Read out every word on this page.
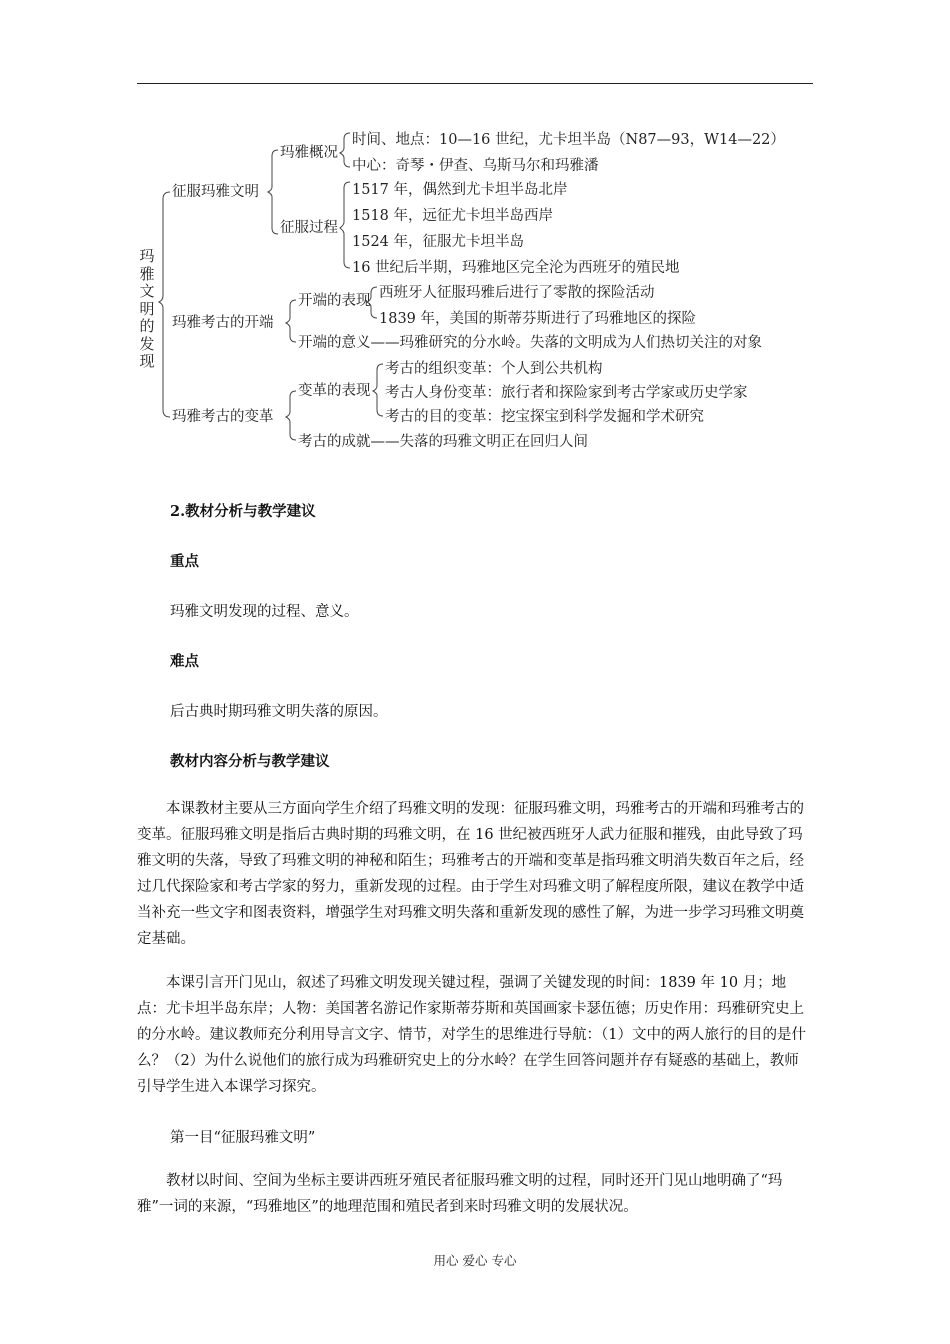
玛
雅
文
明
的
发
现
征服玛雅文明
玛雅概况
时间、地点：10—16 世纪，尤卡坦半岛（N87—93，W14—22）
中心：奇琴・伊查、乌斯马尔和玛雅潘
征服过程
1517 年，偶然到尤卡坦半岛北岸
1518 年，远征尤卡坦半岛西岸
1524 年，征服尤卡坦半岛
16 世纪后半期，玛雅地区完全沦为西班牙的殖民地
玛雅考古的开端
开端的表现 西班牙人征服玛雅后进行了零散的探险活动
1839 年，美国的斯蒂芬斯进行了玛雅地区的探险
开端的意义——玛雅研究的分水岭。失落的文明成为人们热切关注的对象
玛雅考古的变革
变革的表现
考古的组织变革：个人到公共机构
考古人身份变革：旅行者和探险家到考古学家或历史学家
考古的目的变革：挖宝探宝到科学发掘和学术研究
考古的成就——失落的玛雅文明正在回归人间
2.教材分析与教学建议
重点
玛雅文明发现的过程、意义。
难点
后古典时期玛雅文明失落的原因。
教材内容分析与教学建议
本课教材主要从三方面向学生介绍了玛雅文明的发现：征服玛雅文明，玛雅考古的开端和玛雅考古的变革。征服玛雅文明是指后古典时期的玛雅文明，在 16 世纪被西班牙人武力征服和摧残，由此导致了玛雅文明的失落，导致了玛雅文明的神秘和陌生；玛雅考古的开端和变革是指玛雅文明消失数百年之后，经过几代探险家和考古学家的努力，重新发现的过程。由于学生对玛雅文明了解程度所限，建议在教学中适当补充一些文字和图表资料，增强学生对玛雅文明失落和重新发现的感性了解，为进一步学习玛雅文明奠定基础。
本课引言开门见山，叙述了玛雅文明发现关键过程，强调了关键发现的时间：1839 年 10 月；地点：尤卡坦半岛东岸；人物：美国著名游记作家斯蒂芬斯和英国画家卡瑟伍德；历史作用：玛雅研究史上的分水岭。建议教师充分利用导言文字、情节，对学生的思维进行导航：（1）文中的两人旅行的目的是什么？（2）为什么说他们的旅行成为玛雅研究史上的分水岭？在学生回答问题并存有疑惑的基础上，教师引导学生进入本课学习探究。
第一目“征服玛雅文明”
教材以时间、空间为坐标主要讲西班牙殖民者征服玛雅文明的过程，同时还开门见山地明确了“玛雅”一词的来源，“玛雅地区”的地理范围和殖民者到来时玛雅文明的发展状况。
用心 爱心 专心
